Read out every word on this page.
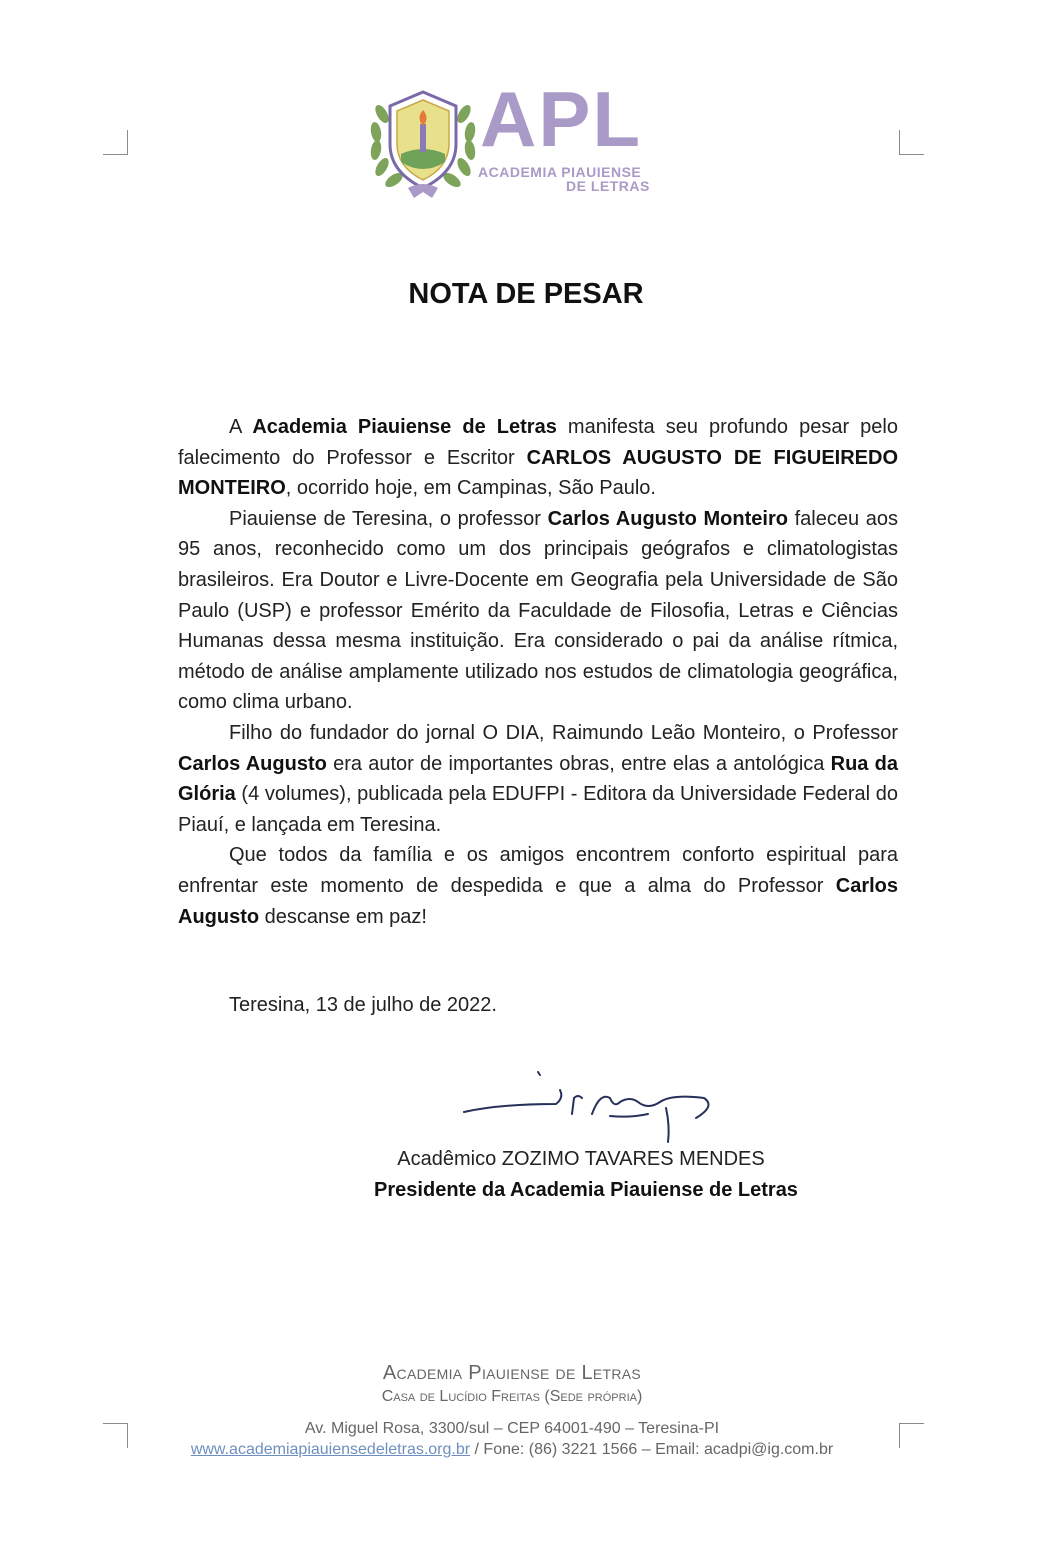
APL
ACADEMIA PIAUIENSE
DE LETRAS
NOTA DE PESAR

A Academia Piauiense de Letras manifesta seu profundo pesar pelo falecimento do Professor e Escritor CARLOS AUGUSTO DE FIGUEIREDO MONTEIRO, ocorrido hoje, em Campinas, São Paulo.

Piauiense de Teresina, o professor Carlos Augusto Monteiro faleceu aos 95 anos, reconhecido como um dos principais geógrafos e climatologistas brasileiros. Era Doutor e Livre-Docente em Geografia pela Universidade de São Paulo (USP) e professor Emérito da Faculdade de Filosofia, Letras e Ciências Humanas dessa mesma instituição. Era considerado o pai da análise rítmica, método de análise amplamente utilizado nos estudos de climatologia geográfica, como clima urbano.

Filho do fundador do jornal O DIA, Raimundo Leão Monteiro, o Professor Carlos Augusto era autor de importantes obras, entre elas a antológica Rua da Glória (4 volumes), publicada pela EDUFPI - Editora da Universidade Federal do Piauí, e lançada em Teresina.

Que todos da família e os amigos encontrem conforto espiritual para enfrentar este momento de despedida e que a alma do Professor Carlos Augusto descanse em paz!

Teresina, 13 de julho de 2022.
Acadêmico ZOZIMO TAVARES MENDES
Presidente da Academia Piauiense de Letras
Academia Piauiense de Letras
Casa de Lucídio Freitas (Sede própria)
Av. Miguel Rosa, 3300/sul – CEP 64001-490 – Teresina-PI
www.academiapiauiensedeletras.org.br / Fone: (86) 3221 1566 – Email: acadpi@ig.com.br
